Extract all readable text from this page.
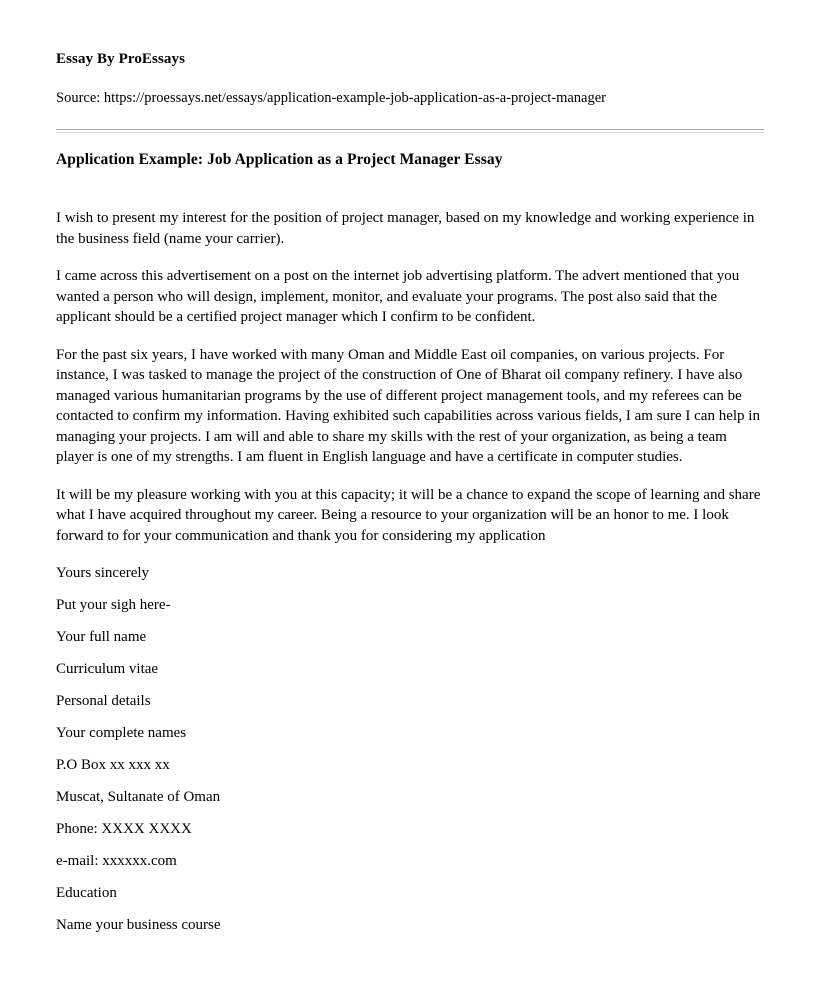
Essay By ProEssays
Source: https://proessays.net/essays/application-example-job-application-as-a-project-manager
Application Example: Job Application as a Project Manager Essay

I wish to present my interest for the position of project manager, based on my knowledge and working experience in the business field (name your carrier).

I came across this advertisement on a post on the internet job advertising platform. The advert mentioned that you wanted a person who will design, implement, monitor, and evaluate your programs. The post also said that the applicant should be a certified project manager which I confirm to be confident.

For the past six years, I have worked with many Oman and Middle East oil companies, on various projects. For instance, I was tasked to manage the project of the construction of One of Bharat oil company refinery. I have also managed various humanitarian programs by the use of different project management tools, and my referees can be contacted to confirm my information. Having exhibited such capabilities across various fields, I am sure I can help in managing your projects. I am will and able to share my skills with the rest of your organization, as being a team player is one of my strengths. I am fluent in English language and have a certificate in computer studies.

It will be my pleasure working with you at this capacity; it will be a chance to expand the scope of learning and share what I have acquired throughout my career. Being a resource to your organization will be an honor to me. I look forward to for your communication and thank you for considering my application

Yours sincerely
Put your sigh here-
Your full name
Curriculum vitae
Personal details
Your complete names
P.O Box xx xxx xx
Muscat, Sultanate of Oman
Phone: XXXX XXXX
e-mail: xxxxxx.com
Education
Name your business course
